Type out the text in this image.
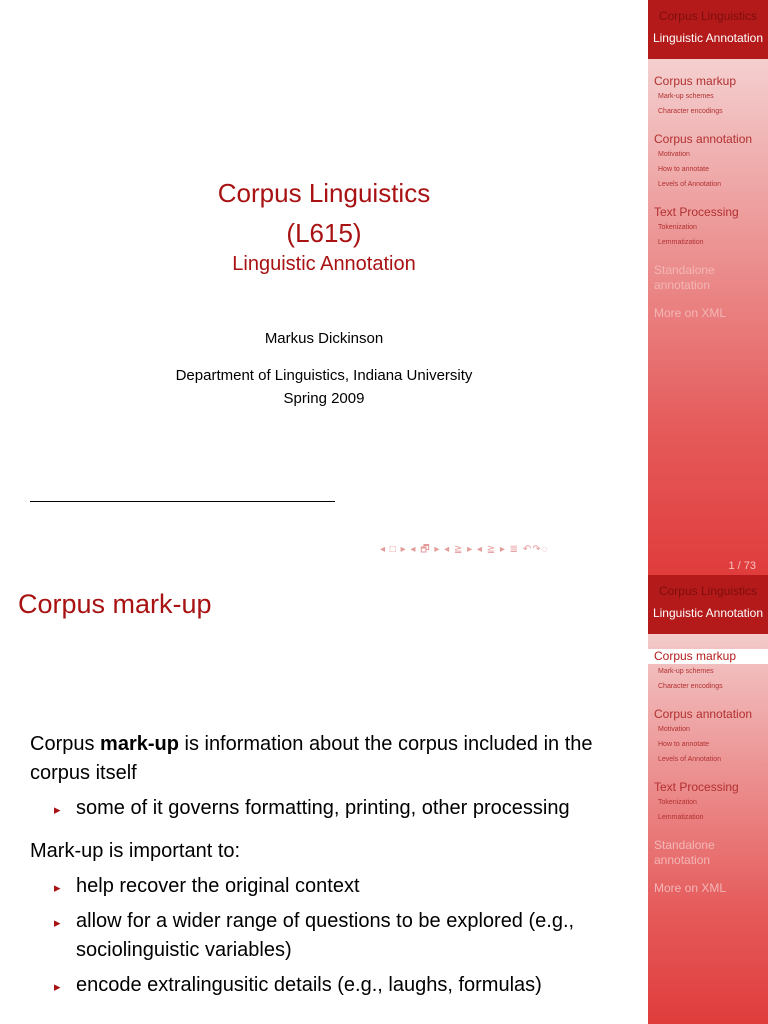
Corpus Linguistics
(L615)
Linguistic Annotation
Markus Dickinson
Department of Linguistics, Indiana University
Spring 2009
◂ □ ▸ ◂ 🗗 ▸ ◂ ≧ ▸ ◂ ≧ ▸ ≣ ↶↷◌
Corpus Linguistics
Linguistic Annotation
Corpus markup
Mark-up schemes
Character encodings
Corpus annotation
Motivation
How to annotate
Levels of Annotation
Text Processing
Tokenization
Lemmatization
Standalone annotation
More on XML
1 / 73
Corpus mark-up

Corpus mark-up is information about the corpus included in the corpus itself

▸ some of it governs formatting, printing, other processing

Mark-up is important to:

▸ help recover the original context
▸ allow for a wider range of questions to be explored (e.g., sociolinguistic variables)
▸ encode extralingusitic details (e.g., laughs, formulas)
Corpus Linguistics
Linguistic Annotation
Corpus markup
Mark-up schemes
Character encodings
Corpus annotation
Motivation
How to annotate
Levels of Annotation
Text Processing
Tokenization
Lemmatization
Standalone annotation
More on XML
